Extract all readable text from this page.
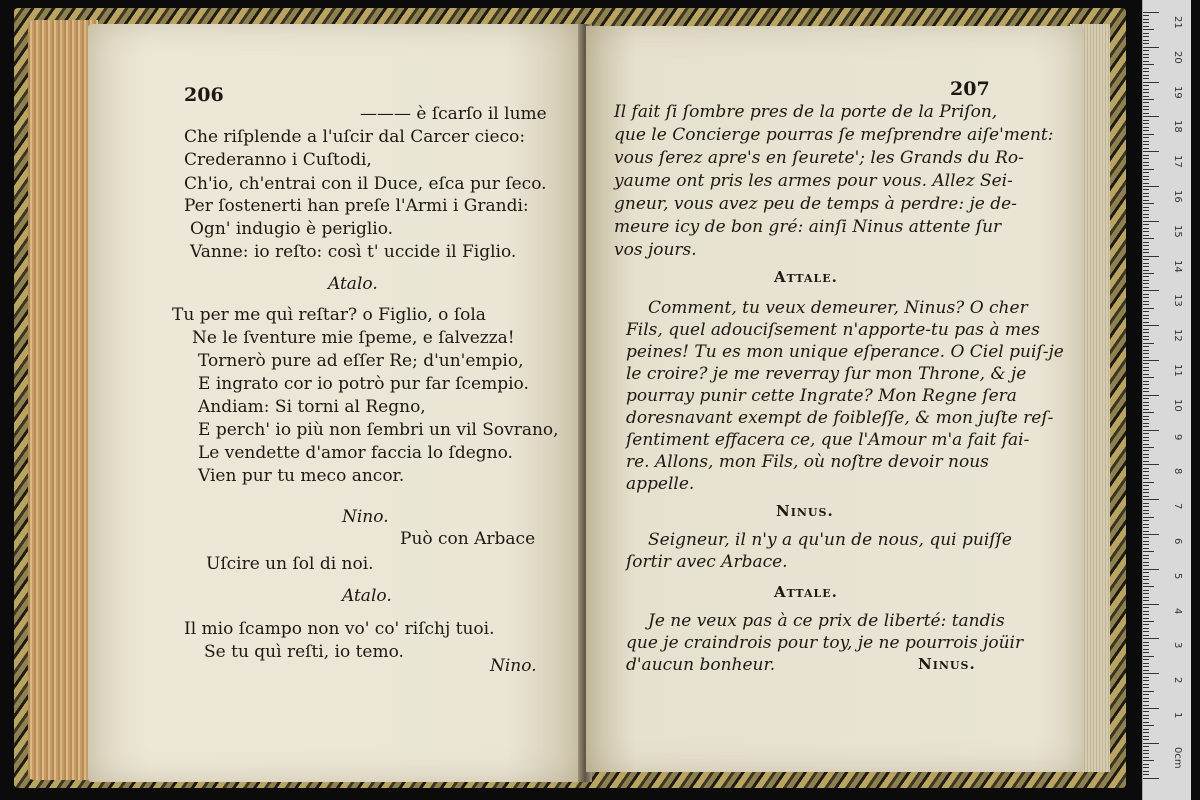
206
——— è ſcarſo il lume
Che riſplende a l'uſcir dal Carcer cieco:
Crederanno i Cuſtodi,
Ch'io, ch'entrai con il Duce, eſca pur ſeco.
Per ſostenerti han preſe l'Armi i Grandi:
Ogn' indugio è periglio.
Vanne: io reſto: così t' uccide il Figlio.
Atalo.
Tu per me quì reſtar? o Figlio, o ſola
Ne le ſventure mie ſpeme, e ſalvezza!
Tornerò pure ad eſſer Re; d'un'empio,
E ingrato cor io potrò pur far ſcempio.
Andiam: Si torni al Regno,
E perch' io più non ſembri un vil Sovrano,
Le vendette d'amor faccia lo ſdegno.
Vien pur tu meco ancor.
Nino.
Può con Arbace
Uſcire un ſol di noi.
Atalo.
Il mio ſcampo non vo' co' riſchj tuoi.
Se tu quì reſti, io temo.
Nino.
207
Il fait ſi ſombre pres de la porte de la Priſon,
que le Concierge pourras ſe meſprendre aiſe'ment:
vous ſerez apre's en ſeurete'; les Grands du Ro-
yaume ont pris les armes pour vous. Allez Sei-
gneur, vous avez peu de temps à perdre: je de-
meure icy de bon gré: ainſi Ninus attente ſur
vos jours.
Attale.
Comment, tu veux demeurer, Ninus? O cher
Fils, quel adouciſsement n'apporte-tu pas à mes
peines! Tu es mon unique eſperance. O Ciel puiſ-je
le croire? je me reverray ſur mon Throne, & je
pourray punir cette Ingrate? Mon Regne ſera
doresnavant exempt de foibleſſe, & mon juſte reſ-
ſentiment effacera ce, que l'Amour m'a fait fai-
re. Allons, mon Fils, où noſtre devoir nous
appelle.
Ninus.
Seigneur, il n'y a qu'un de nous, qui puiſſe
ſortir avec Arbace.
Attale.
Je ne veux pas à ce prix de liberté: tandis
que je craindrois pour toy, je ne pourrois joüir
d'aucun bonheur.	Ninus.
21
20
19
18
17
16
15
14
13
12
11
10
9
8
7
6
5
4
3
2
1
0cm
